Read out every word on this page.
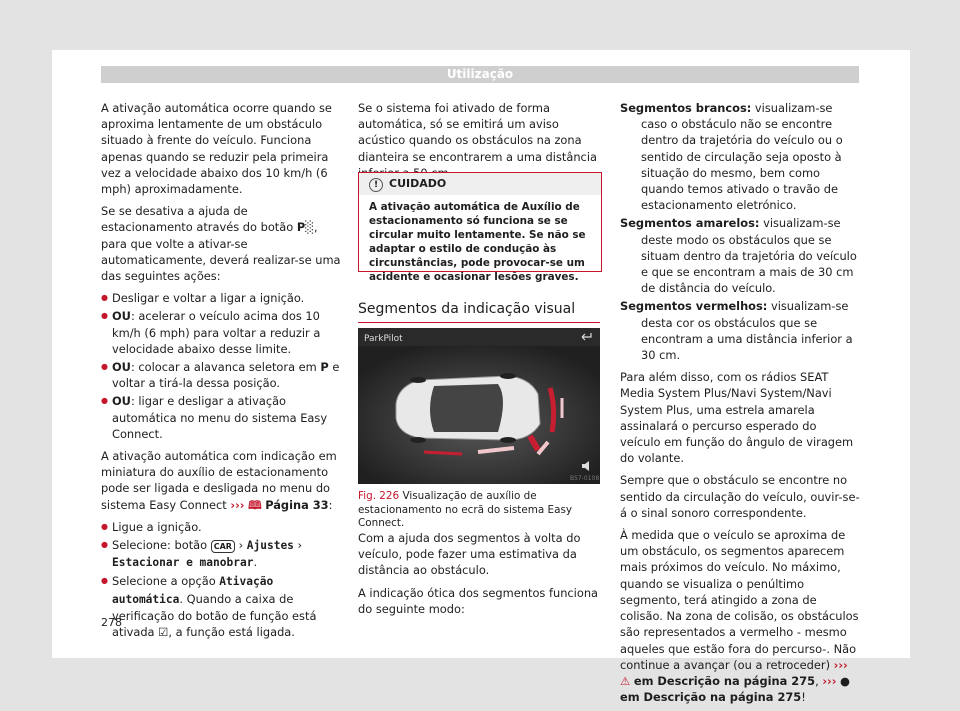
Utilização

A ativação automática ocorre quando se aproxima lentamente de um obstáculo situado à frente do veículo. Funciona apenas quando se reduzir pela primeira vez a velocidade abaixo dos 10 km/h (6 mph) aproximadamente.

Se se desativa a ajuda de estacionamento através do botão P░, para que volte a ativar-se automaticamente, deverá realizar-se uma das seguintes ações:

● Desligar e voltar a ligar a ignição.
● OU: acelerar o veículo acima dos 10 km/h (6 mph) para voltar a reduzir a velocidade abaixo desse limite.
● OU: colocar a alavanca seletora em P e voltar a tirá-la dessa posição.
● OU: ligar e desligar a ativação automática no menu do sistema Easy Connect.

A ativação automática com indicação em miniatura do auxílio de estacionamento pode ser ligada e desligada no menu do sistema Easy Connect ››› 🕮 Página 33:

● Ligue a ignição.
● Selecione: botão CAR › Ajustes › Estacionar e manobrar.
● Selecione a opção Ativação automática. Quando a caixa de verificação do botão de função está ativada ☑, a função está ligada.

Se o sistema foi ativado de forma automática, só se emitirá um aviso acústico quando os obstáculos na zona dianteira se encontrarem a uma distância

! CUIDADO
A ativação automática de Auxílio de estacionamento só funciona se se circular muito lentamente. Se não se adaptar o estilo de condução às circunstâncias, pode provocar-se um acidente e ocasionar lesões graves.
Segmentos da indicação visual
ParkPilot
B57-0108
Fig. 226 Visualização de auxílio de estacionamento no ecrã do sistema Easy Connect.

Com a ajuda dos segmentos à volta do veículo, pode fazer uma estimativa da distância ao obstáculo.

A indicação ótica dos segmentos funciona do seguinte modo:

Segmentos brancos: visualizam-se caso o obstáculo não se encontre dentro da trajetória do veículo ou o sentido de circulação seja oposto à situação do mesmo, bem como quando temos ativado o travão de estacionamento eletrónico.
Segmentos amarelos: visualizam-se deste modo os obstáculos que se situam dentro da trajetória do veículo e que se encontram a mais de 30 cm de distância do veículo.
Segmentos vermelhos: visualizam-se desta cor os obstáculos que se encontram a uma distância inferior a 30 cm.

Para além disso, com os rádios SEAT Media System Plus/Navi System/Navi System Plus, uma estrela amarela assinalará o percurso esperado do veículo em função do ângulo de viragem do volante.

Sempre que o obstáculo se encontre no sentido da circulação do veículo, ouvir-se-á o sinal sonoro correspondente.

À medida que o veículo se aproxima de um obstáculo, os segmentos aparecem mais próximos do veículo. No máximo, quando se visualiza o penúltimo segmento, terá atingido a zona de colisão. Na zona de colisão, os obstáculos são representados a vermelho - mesmo aqueles que estão fora do percurso-. Não continue a avançar (ou a retroceder) ››› ⚠ em Descrição na página 275, ››› ● em Descrição na página 275!

278
